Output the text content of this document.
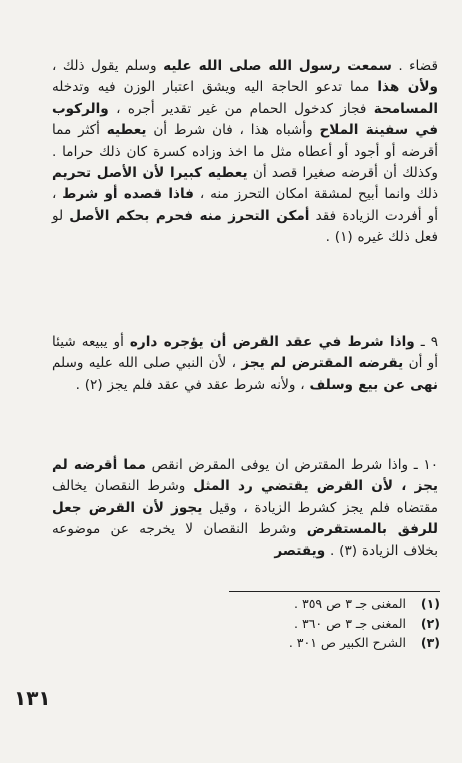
قضاء . سمعت رسول الله صلى الله عليه وسلم يقول ذلك ، ولأن هذا مما تدعو الحاجة اليه ويشق اعتبار الوزن فيه وتدخله المسامحة فجاز كدخول الحمام من غير تقدير أجره ، والركوب في سفينة الملاح وأشباه هذا ، فان شرط أن يعطيه أكثر مما أقرضه أو أجود أو أعطاه مثل ما اخذ وزاده كسرة كان ذلك حراما . وكذلك أن أقرضه صغيرا قصد أن يعطيه كبيرا لأن الأصل تحريم ذلك وانما أبيح لمشقة امكان التحرز منه ، فاذا قصده أو شرط ، أو أفردت الزيادة فقد أمكن التحرز منه فحرم بحكم الأصل لو فعل ذلك غيره (١) .

٩ ـ واذا شرط في عقد القرض أن يؤجره داره أو يبيعه شيئا أو أن يقرضه المقترض لم يجز ، لأن النبي صلى الله عليه وسلم نهى عن بيع وسلف ، ولأنه شرط عقد في عقد فلم يجز (٢) .

١٠ ـ واذا شرط المقترض ان يوفى المقرض انقص مما أقرضه لم يجز ، لأن القرض يقتضي رد المثل وشرط النقصان يخالف مقتضاه فلم يجز كشرط الزيادة ، وقيل يجوز لأن القرض جعل للرفق بالمستقرض وشرط النقصان لا يخرجه عن موضوعه بخلاف الزيادة (٣) . ويقتصر

(١)المغنى جـ ٣ ص ٣٥٩ .
(٢)المغنى جـ ٣ ص ٣٦٠ .
(٣)الشرح الكبير ص ٣٠١ .
١٣١
